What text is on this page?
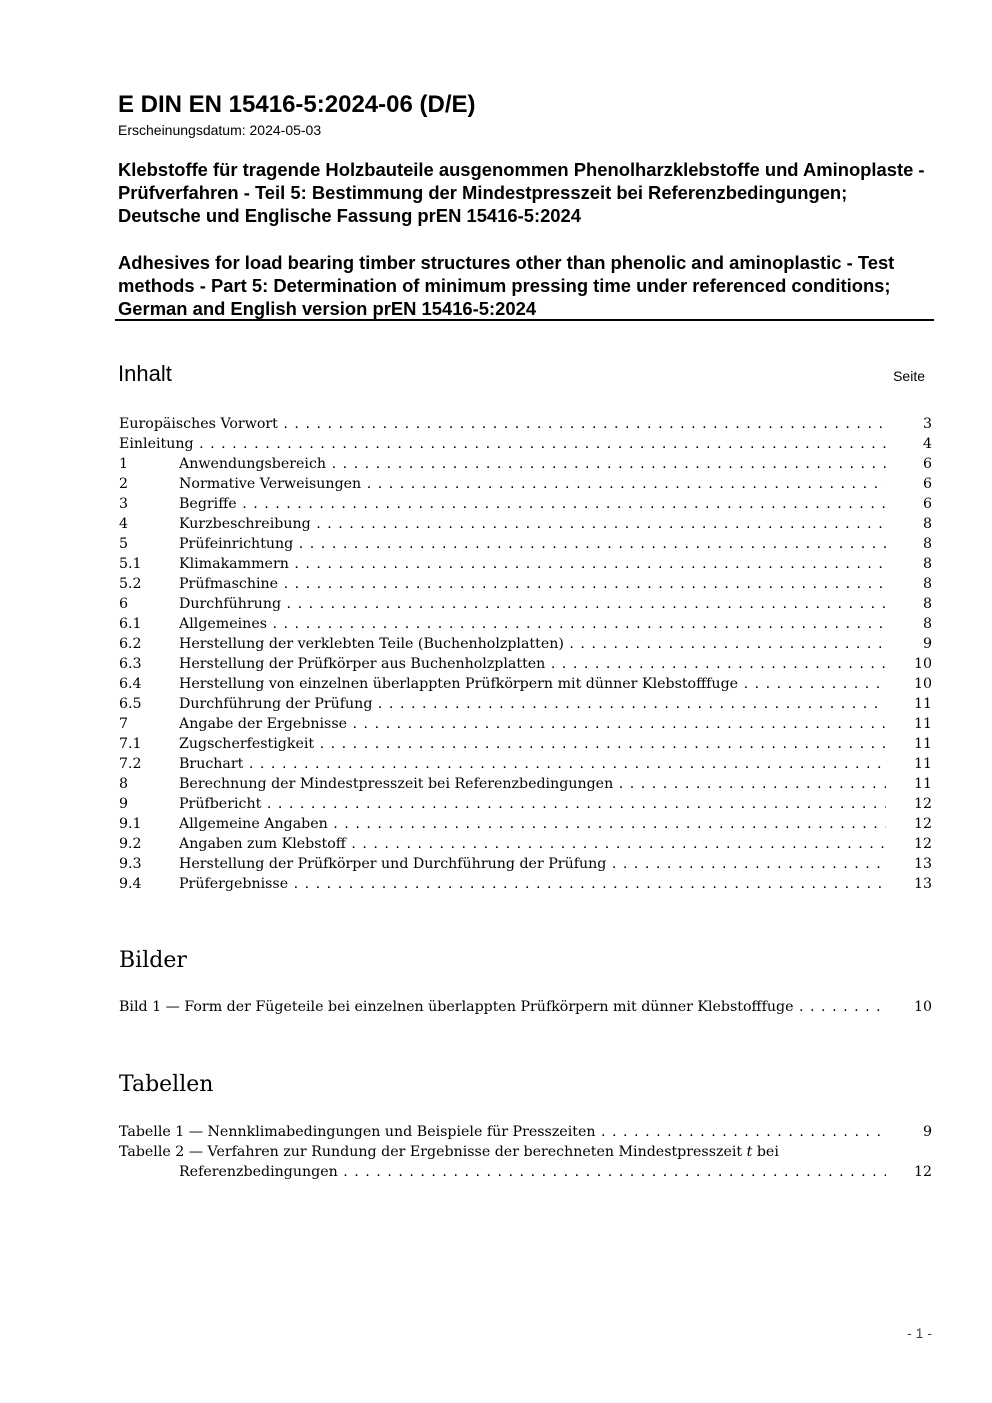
E DIN EN 15416-5:2024-06 (D/E)
Erscheinungsdatum: 2024-05-03
Klebstoffe für tragende Holzbauteile ausgenommen Phenolharzklebstoffe und Aminoplaste - Prüfverfahren - Teil 5: Bestimmung der Mindestpresszeit bei Referenzbedingungen; Deutsche und Englische Fassung prEN 15416-5:2024
Adhesives for load bearing timber structures other than phenolic and aminoplastic - Test methods - Part 5: Determination of minimum pressing time under referenced conditions; German and English version prEN 15416-5:2024
Inhalt	Seite
Europäisches Vorwort . . .	3
Einleitung . . .	4
1	Anwendungsbereich . . .	6
2	Normative Verweisungen . . .	6
3	Begriffe . . .	6
4	Kurzbeschreibung . . .	8
5	Prüfeinrichtung . . .	8
5.1	Klimakammern . . .	8
5.2	Prüfmaschine . . .	8
6	Durchführung . . .	8
6.1	Allgemeines . . .	8
6.2	Herstellung der verklebten Teile (Buchenholzplatten) . . .	9
6.3	Herstellung der Prüfkörper aus Buchenholzplatten . . .	10
6.4	Herstellung von einzelnen überlappten Prüfkörpern mit dünner Klebstofffuge . . .	10
6.5	Durchführung der Prüfung . . .	11
7	Angabe der Ergebnisse . . .	11
7.1	Zugscherfestigkeit . . .	11
7.2	Bruchart . . .	11
8	Berechnung der Mindestpresszeit bei Referenzbedingungen . . .	11
9	Prüfbericht . . .	12
9.1	Allgemeine Angaben . . .	12
9.2	Angaben zum Klebstoff . . .	12
9.3	Herstellung der Prüfkörper und Durchführung der Prüfung . . .	13
9.4	Prüfergebnisse . . .	13
Bilder
Bild 1 — Form der Fügeteile bei einzelnen überlappten Prüfkörpern mit dünner Klebstofffuge . . .	10
Tabellen
Tabelle 1 — Nennklimabedingungen und Beispiele für Presszeiten . . .	9
Tabelle 2 — Verfahren zur Rundung der Ergebnisse der berechneten Mindestpresszeit t bei
Referenzbedingungen . . .	12
- 1 -
